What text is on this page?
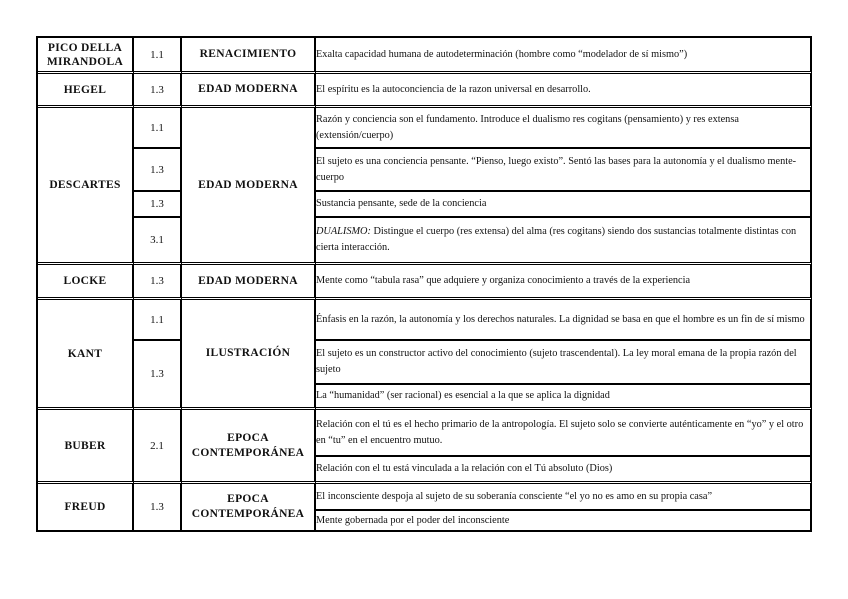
PICO DELLA MIRANDOLA	1.1	RENACIMIENTO	Exalta capacidad humana de autodeterminación (hombre como “modelador de sí mismo”)
HEGEL	1.3	EDAD MODERNA	El espíritu es la autoconciencia de la razon universal en desarrollo.
DESCARTES	1.1	EDAD MODERNA	Razón y conciencia son el fundamento. Introduce el dualismo res cogitans (pensamiento) y res extensa (extensión/cuerpo)
	1.3		El sujeto es una conciencia pensante. “Pienso, luego existo”. Sentó las bases para la autonomía y el dualismo mente-cuerpo
	1.3		Sustancia pensante, sede de la conciencia
	3.1		DUALISMO: Distingue el cuerpo (res extensa) del alma (res cogitans) siendo dos sustancias totalmente distintas con cierta interacción.
LOCKE	1.3	EDAD MODERNA	Mente como “tabula rasa” que adquiere y organiza conocimiento a través de la experiencia
KANT	1.1	ILUSTRACIÓN	Énfasis en la razón, la autonomía y los derechos naturales. La dignidad se basa en que el hombre es un fin de sí mismo
	1.3		El sujeto es un constructor activo del conocimiento (sujeto trascendental). La ley moral emana de la propia razón del sujeto
			La “humanidad” (ser racional) es esencial a la que se aplica la dignidad
BUBER	2.1	EPOCA CONTEMPORÁNEA	Relación con el tú es el hecho primario de la antropología. El sujeto solo se convierte auténticamente en “yo” y el otro en “tu” en el encuentro mutuo.
			Relación con el tu está vinculada a la relación con el Tú absoluto (Dios)
FREUD	1.3	EPOCA CONTEMPORÁNEA	El inconsciente despoja al sujeto de su soberanía consciente “el yo no es amo en su propia casa”
			Mente gobernada por el poder del inconsciente
